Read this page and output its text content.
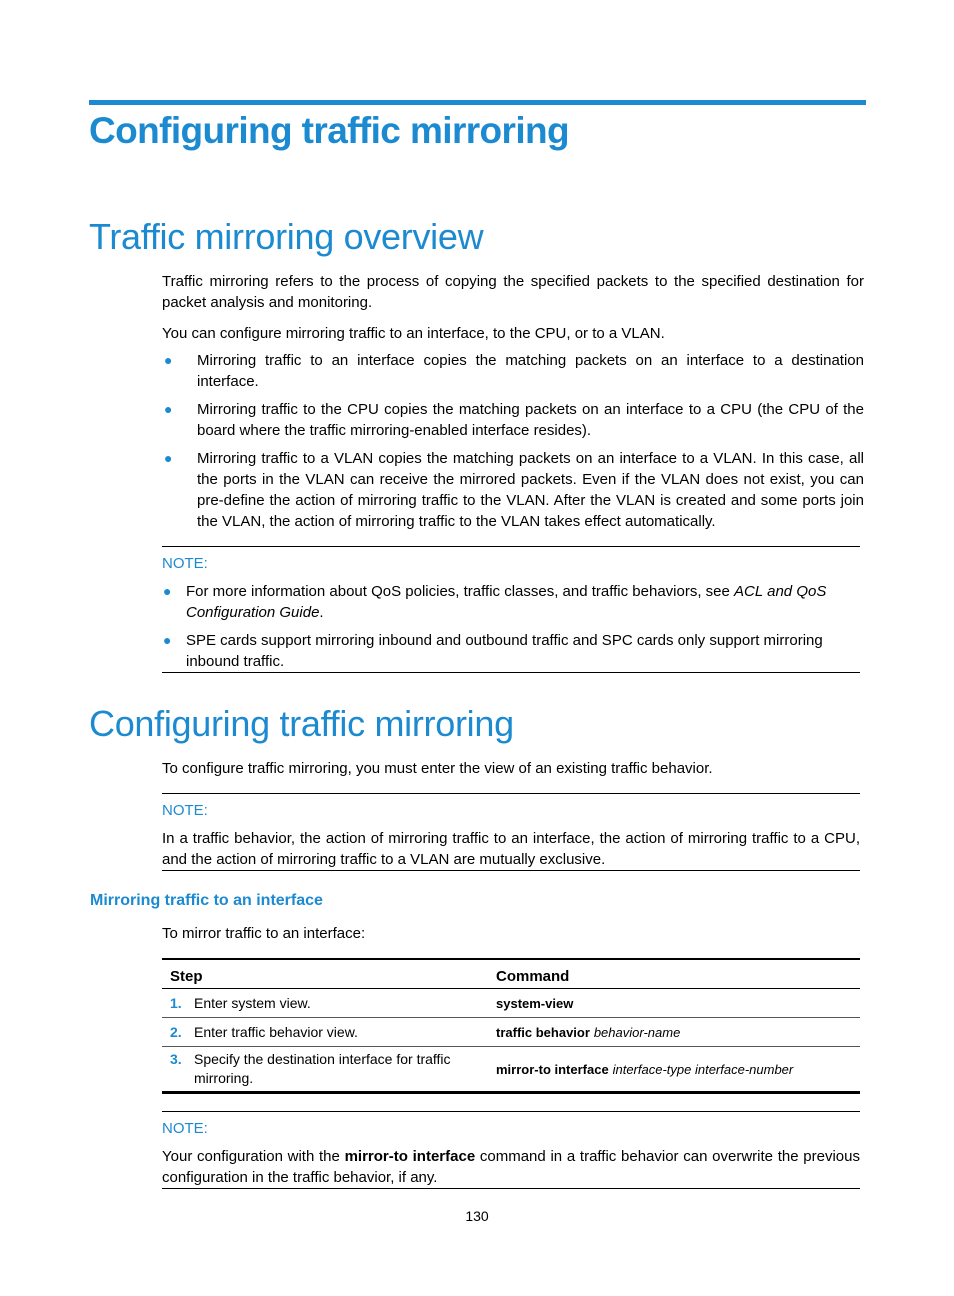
Configuring traffic mirroring
Traffic mirroring overview

Traffic mirroring refers to the process of copying the specified packets to the specified destination for packet analysis and monitoring.

You can configure mirroring traffic to an interface, to the CPU, or to a VLAN.

● Mirroring traffic to an interface copies the matching packets on an interface to a destination interface.
● Mirroring traffic to the CPU copies the matching packets on an interface to a CPU (the CPU of the board where the traffic mirroring-enabled interface resides).
● Mirroring traffic to a VLAN copies the matching packets on an interface to a VLAN. In this case, all the ports in the VLAN can receive the mirrored packets. Even if the VLAN does not exist, you can pre-define the action of mirroring traffic to the VLAN. After the VLAN is created and some ports join the VLAN, the action of mirroring traffic to the VLAN takes effect automatically.
NOTE:
● For more information about QoS policies, traffic classes, and traffic behaviors, see ACL and QoS Configuration Guide.
● SPE cards support mirroring inbound and outbound traffic and SPC cards only support mirroring inbound traffic.
Configuring traffic mirroring

To configure traffic mirroring, you must enter the view of an existing traffic behavior.

NOTE:
In a traffic behavior, the action of mirroring traffic to an interface, the action of mirroring traffic to a CPU, and the action of mirroring traffic to a VLAN are mutually exclusive.
Mirroring traffic to an interface

To mirror traffic to an interface:

Step	Command
1. Enter system view.	system-view
2. Enter traffic behavior view.	traffic behavior behavior-name

3. Specify the destination interface for traffic mirroring.	mirror-to interface interface-type interface-number
NOTE:
Your configuration with the mirror-to interface command in a traffic behavior can overwrite the previous configuration in the traffic behavior, if any.
130
